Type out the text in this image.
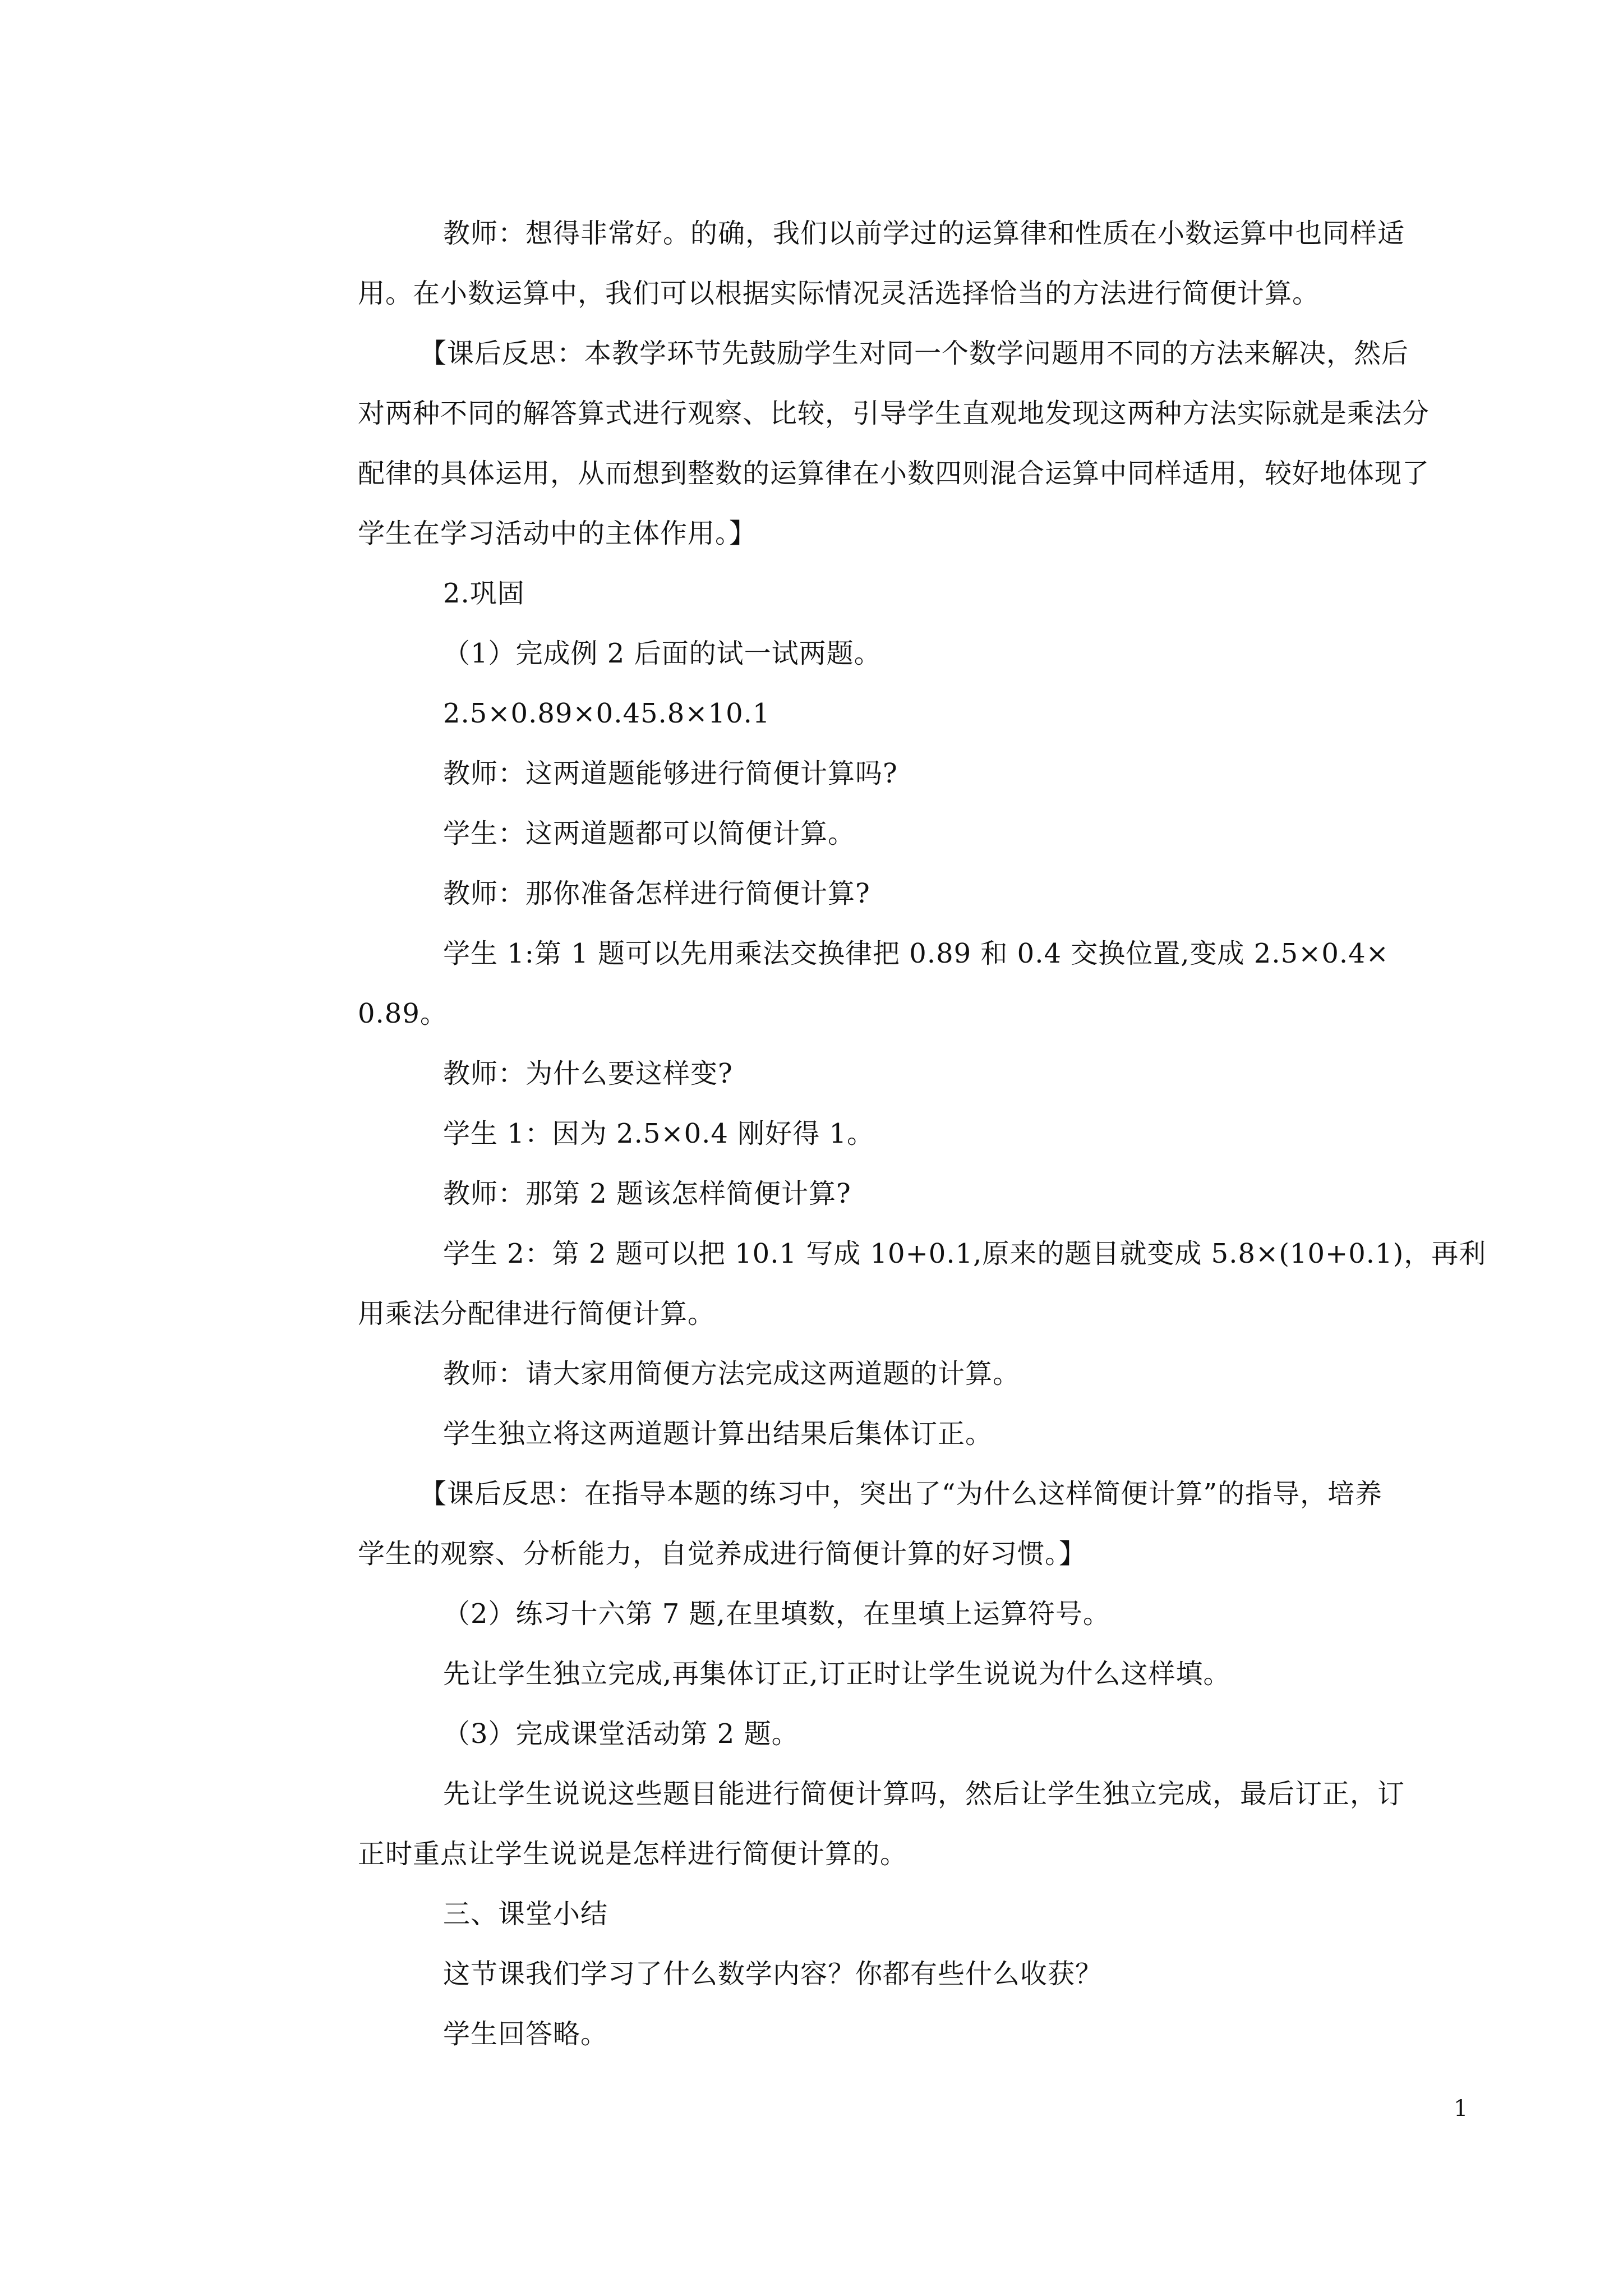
教师：想得非常好。的确，我们以前学过的运算律和性质在小数运算中也同样适
用。在小数运算中，我们可以根据实际情况灵活选择恰当的方法进行简便计算。
【课后反思：本教学环节先鼓励学生对同一个数学问题用不同的方法来解决，然后
对两种不同的解答算式进行观察、比较，引导学生直观地发现这两种方法实际就是乘法分
配律的具体运用，从而想到整数的运算律在小数四则混合运算中同样适用，较好地体现了
学生在学习活动中的主体作用。】
2.巩固
（1）完成例 2 后面的试一试两题。
2.5×0.89×0.45.8×10.1
教师：这两道题能够进行简便计算吗?
学生：这两道题都可以简便计算。
教师：那你准备怎样进行简便计算?
学生 1:第 1 题可以先用乘法交换律把 0.89 和 0.4 交换位置,变成 2.5×0.4×
0.89。
教师：为什么要这样变?
学生 1：因为 2.5×0.4 刚好得 1。
教师：那第 2 题该怎样简便计算?
学生 2：第 2 题可以把 10.1 写成 10+0.1,原来的题目就变成 5.8×(10+0.1)，再利
用乘法分配律进行简便计算。
教师：请大家用简便方法完成这两道题的计算。
学生独立将这两道题计算出结果后集体订正。
【课后反思：在指导本题的练习中，突出了“为什么这样简便计算”的指导，培养
学生的观察、分析能力，自觉养成进行简便计算的好习惯。】
（2）练习十六第 7 题,在里填数，在里填上运算符号。
先让学生独立完成,再集体订正,订正时让学生说说为什么这样填。
（3）完成课堂活动第 2 题。
先让学生说说这些题目能进行简便计算吗，然后让学生独立完成，最后订正，订
正时重点让学生说说是怎样进行简便计算的。
三、课堂小结
这节课我们学习了什么数学内容？你都有些什么收获？
学生回答略。
1
